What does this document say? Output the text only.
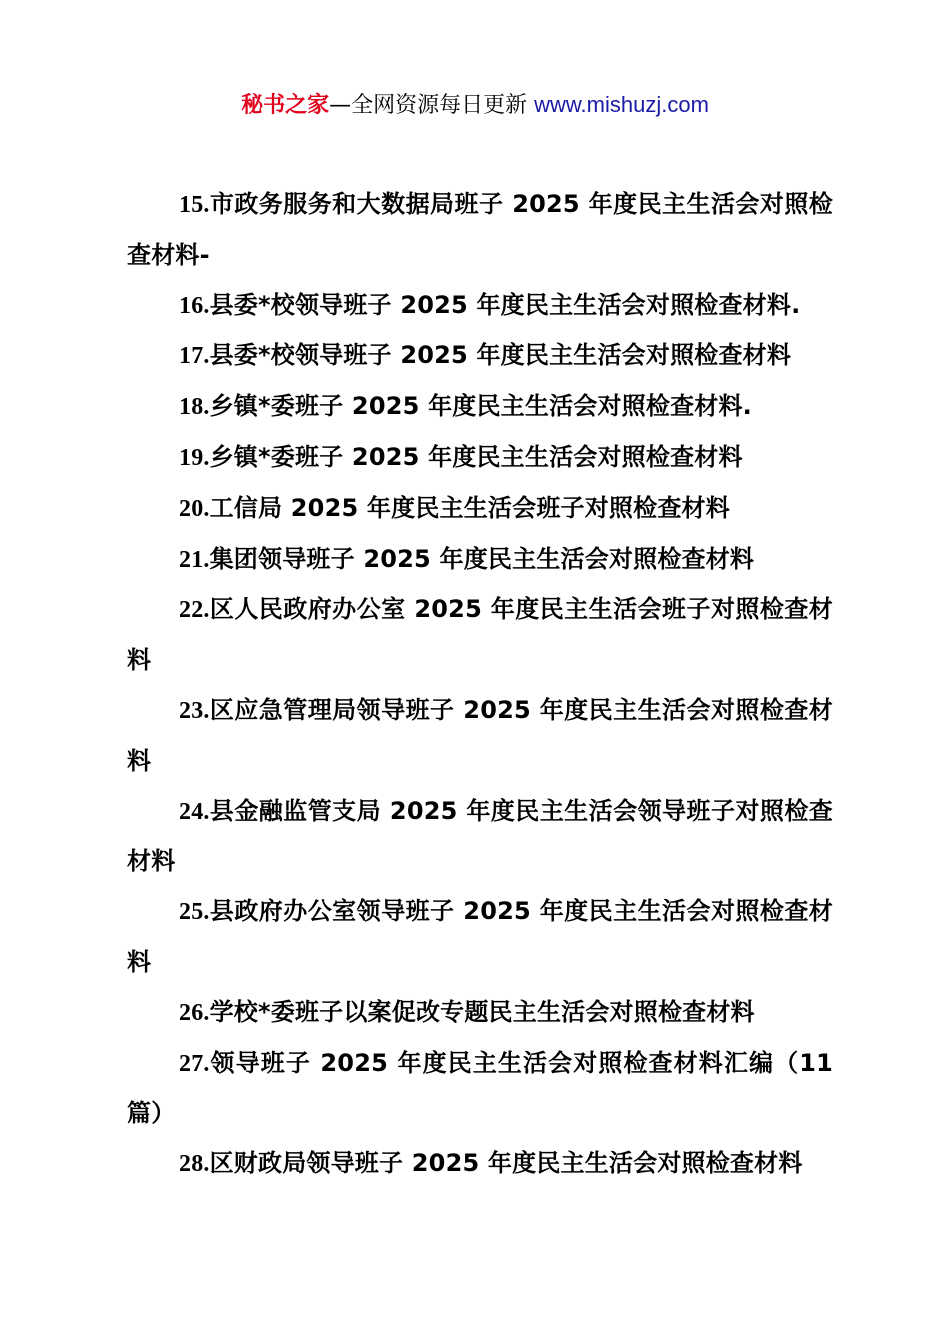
秘书之家—全网资源每日更新 www.mishuzj.com

15.市政务服务和大数据局班子 2025 年度民主生活会对照检查材料-

16.县委*校领导班子 2025 年度民主生活会对照检查材料.

17.县委*校领导班子 2025 年度民主生活会对照检查材料

18.乡镇*委班子 2025 年度民主生活会对照检查材料.

19.乡镇*委班子 2025 年度民主生活会对照检查材料

20.工信局 2025 年度民主生活会班子对照检查材料

21.集团领导班子 2025 年度民主生活会对照检查材料

22.区人民政府办公室 2025 年度民主生活会班子对照检查材料

23.区应急管理局领导班子 2025 年度民主生活会对照检查材料

24.县金融监管支局 2025 年度民主生活会领导班子对照检查材料

25.县政府办公室领导班子 2025 年度民主生活会对照检查材料

26.学校*委班子以案促改专题民主生活会对照检查材料

27.领导班子 2025 年度民主生活会对照检查材料汇编（11 篇）

28.区财政局领导班子 2025 年度民主生活会对照检查材料
